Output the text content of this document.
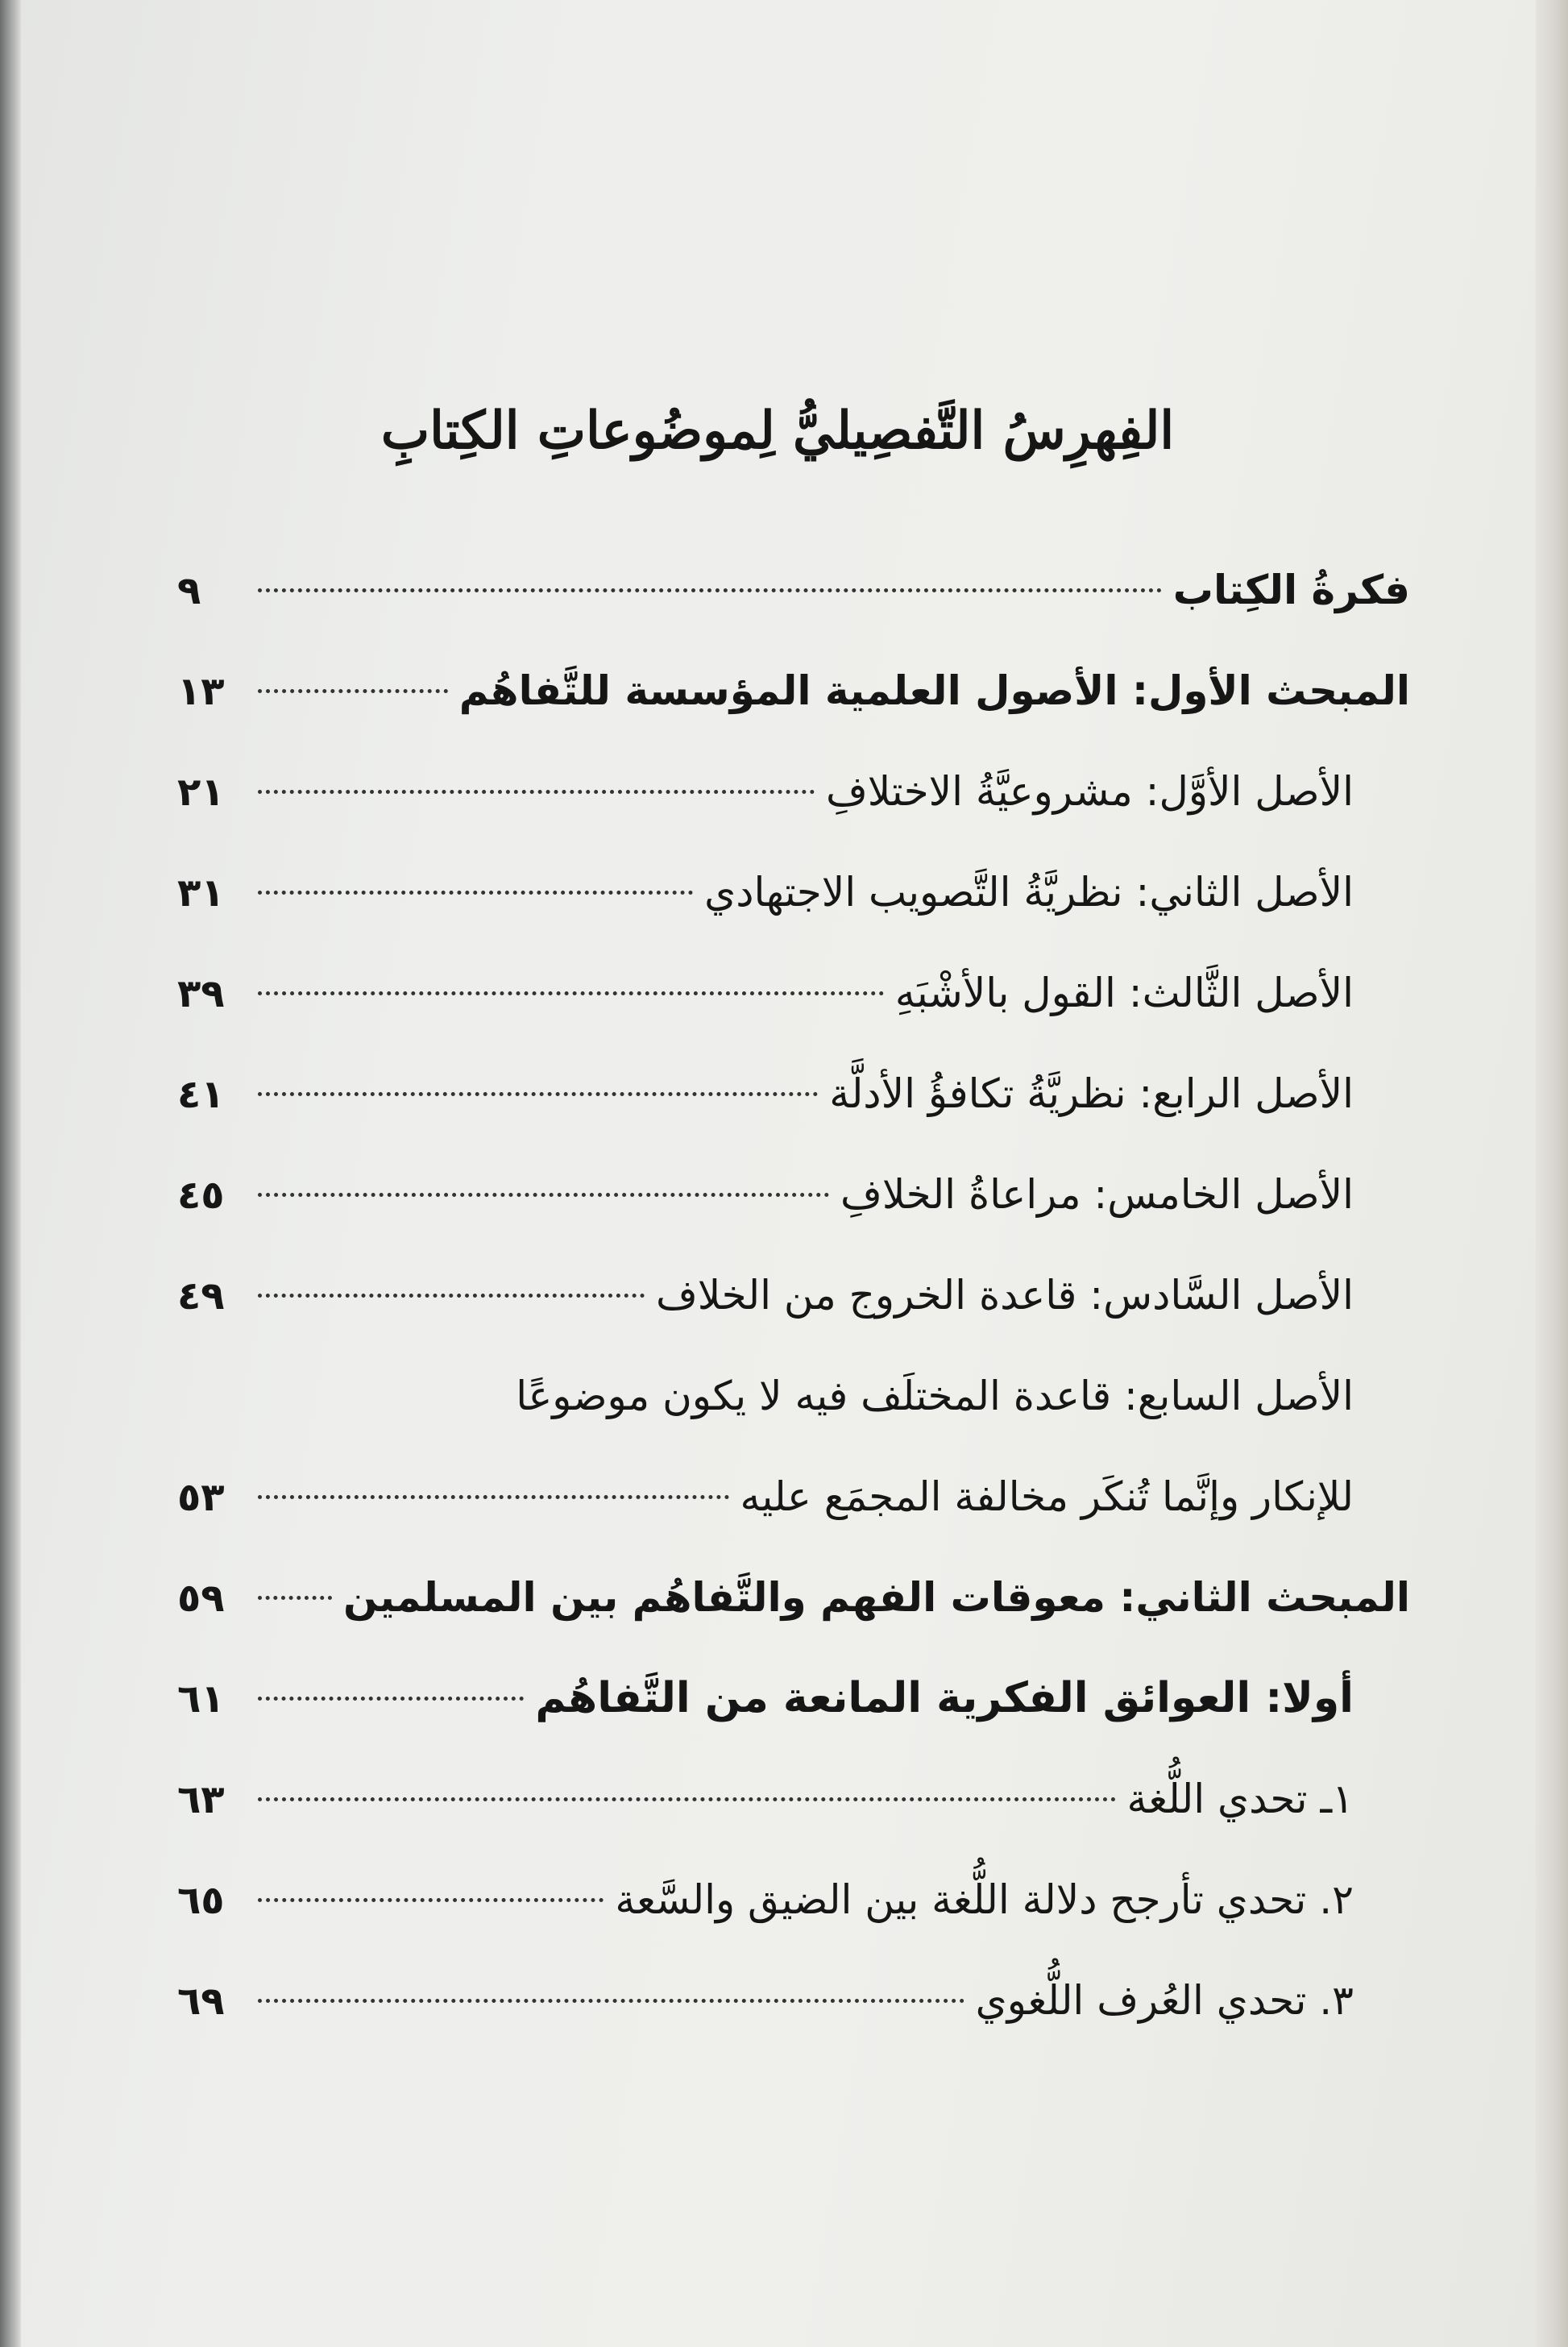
الفِهرِسُ التَّفصِيليُّ لِموضُوعاتِ الكِتابِ
فكرةُ الكِتاب
٩
المبحث الأول: الأصول العلمية المؤسسة للتَّفاهُم
١٣
الأصل الأوَّل: مشروعيَّةُ الاختلافِ
٢١
الأصل الثاني: نظريَّةُ التَّصويب الاجتهادي
٣١
الأصل الثَّالث: القول بالأشْبَهِ
٣٩
الأصل الرابع: نظريَّةُ تكافؤُ الأدلَّة
٤١
الأصل الخامس: مراعاةُ الخلافِ
٤٥
الأصل السَّادس: قاعدة الخروج من الخلاف
٤٩
الأصل السابع: قاعدة المختلَف فيه لا يكون موضوعًا
للإنكار وإنَّما تُنكَر مخالفة المجمَع عليه
٥٣
المبحث الثاني: معوقات الفهم والتَّفاهُم بين المسلمين
٥٩
أولا: العوائق الفكرية المانعة من التَّفاهُم
٦١
١ـ تحدي اللُّغة
٦٣
٢. تحدي تأرجح دلالة اللُّغة بين الضيق والسَّعة
٦٥
٣. تحدي العُرف اللُّغوي
٦٩
